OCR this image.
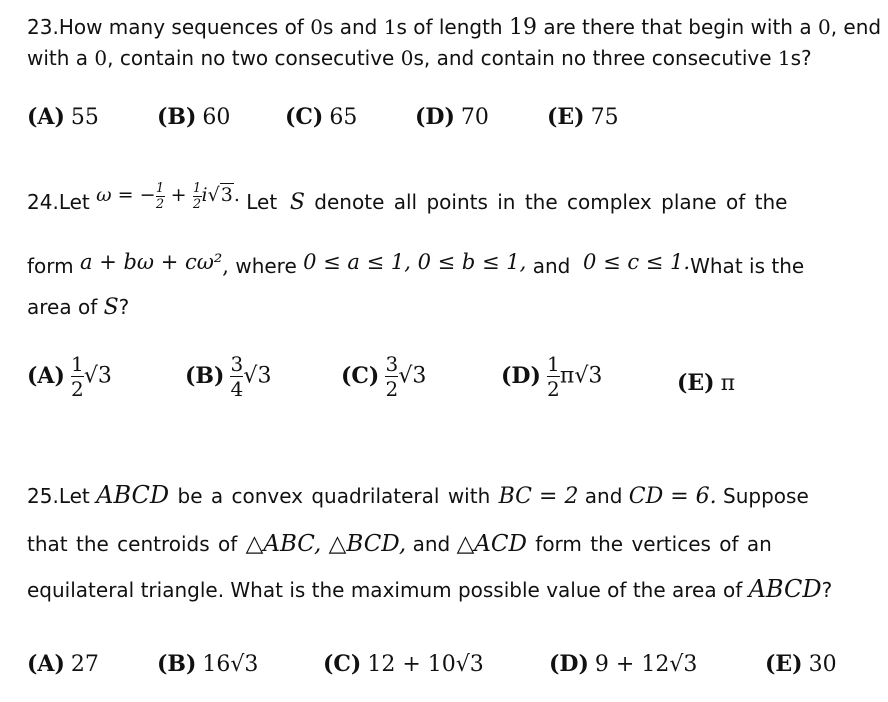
23.How many sequences of 0s and 1s of length 19 are there that begin with a 0, end
with a 0, contain no two consecutive 0s, and contain no three consecutive 1s?
(A) 55	(B) 60 (C) 65	(D) 70	(E) 75
24.Let ω = − $\frac{1}{2} + \frac{1}{2} i√3$. Let  S denote all points in the complex plane of the
form a + bω + cω², where 0 ≤ a ≤ 1, 0 ≤ b ≤ 1, and  0 ≤ c ≤ 1.What is the
area of S?
$(A) \frac{1}{2} √3$	$(B) \frac{3}{4} √3$	$(C) \frac{3}{2} √3$	$(D) \frac{1}{2} \pi√3$	(E) π
25.Let ABCD be a convex quadrilateral with BC = 2 and CD = 6. Suppose
that the centroids of △ABC, △BCD, and △ACD form the vertices of an
equilateral triangle. What is the maximum possible value of the area of ABCD?
(A) 27	(B) 16√3	(C) 12 + 10√3	(D) 9 + 12√3	(E) 30
